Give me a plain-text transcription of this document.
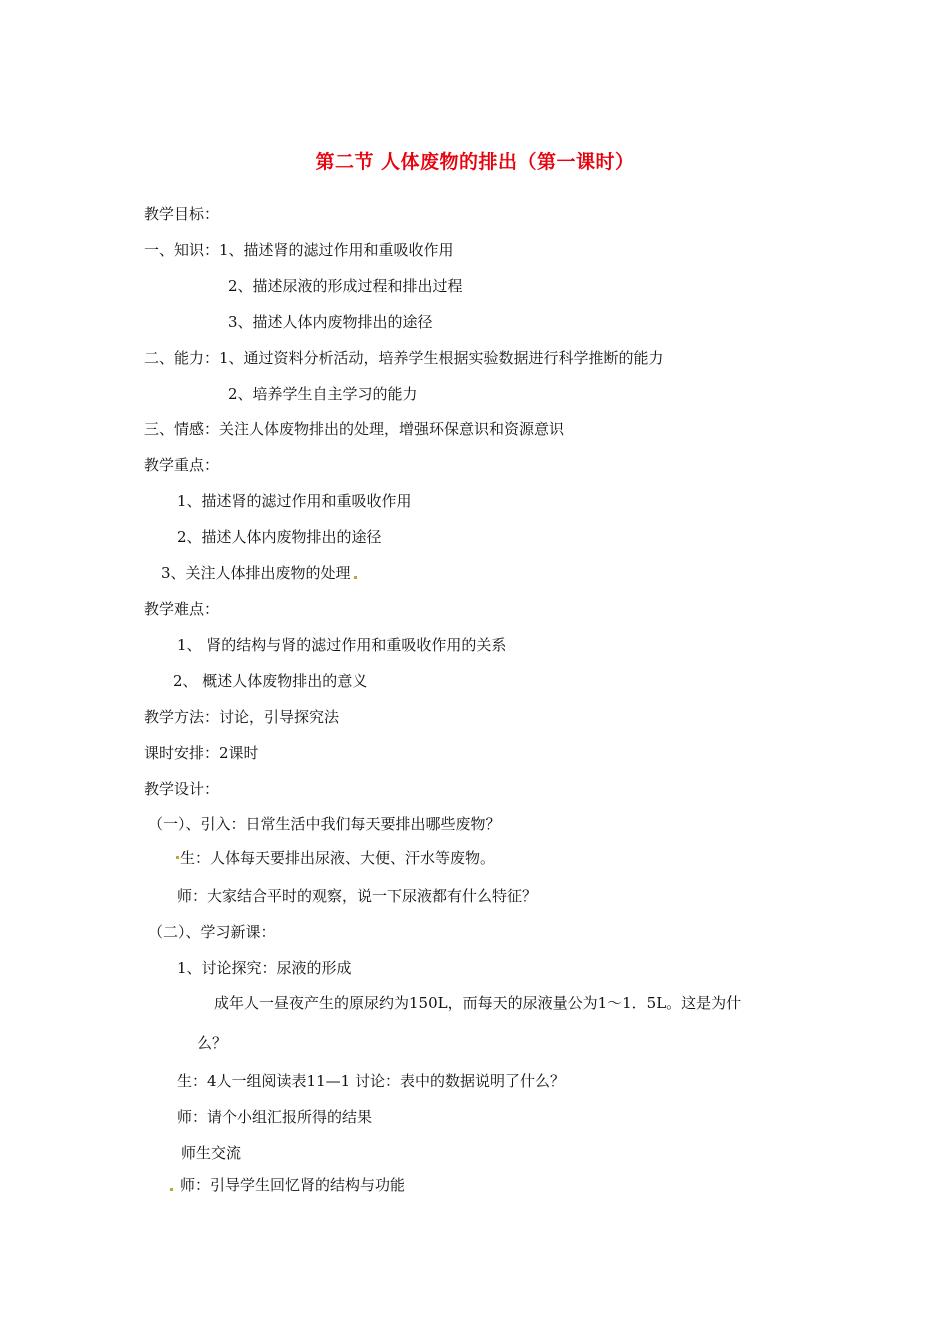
第二节 人体废物的排出（第一课时）
教学目标：
一、知识：1、描述肾的滤过作用和重吸收作用
2、描述尿液的形成过程和排出过程
3、描述人体内废物排出的途径
二、能力：1、通过资料分析活动，培养学生根据实验数据进行科学推断的能力
2、培养学生自主学习的能力
三、情感：关注人体废物排出的处理，增强环保意识和资源意识
教学重点：
1、描述肾的滤过作用和重吸收作用
2、描述人体内废物排出的途径
3、关注人体排出废物的处理
教学难点：
1、 肾的结构与肾的滤过作用和重吸收作用的关系
2、 概述人体废物排出的意义
教学方法：讨论，引导探究法
课时安排：2课时
教学设计：
（一）、引入：日常生活中我们每天要排出哪些废物？
生：人体每天要排出尿液、大便、汗水等废物。
师：大家结合平时的观察，说一下尿液都有什么特征？
（二）、学习新课：
1、讨论探究：尿液的形成
成年人一昼夜产生的原尿约为150L，而每天的尿液量公为1～1．5L。这是为什
么？
生：4人一组阅读表11—1 讨论：表中的数据说明了什么？
师：请个小组汇报所得的结果
师生交流
师：引导学生回忆肾的结构与功能
